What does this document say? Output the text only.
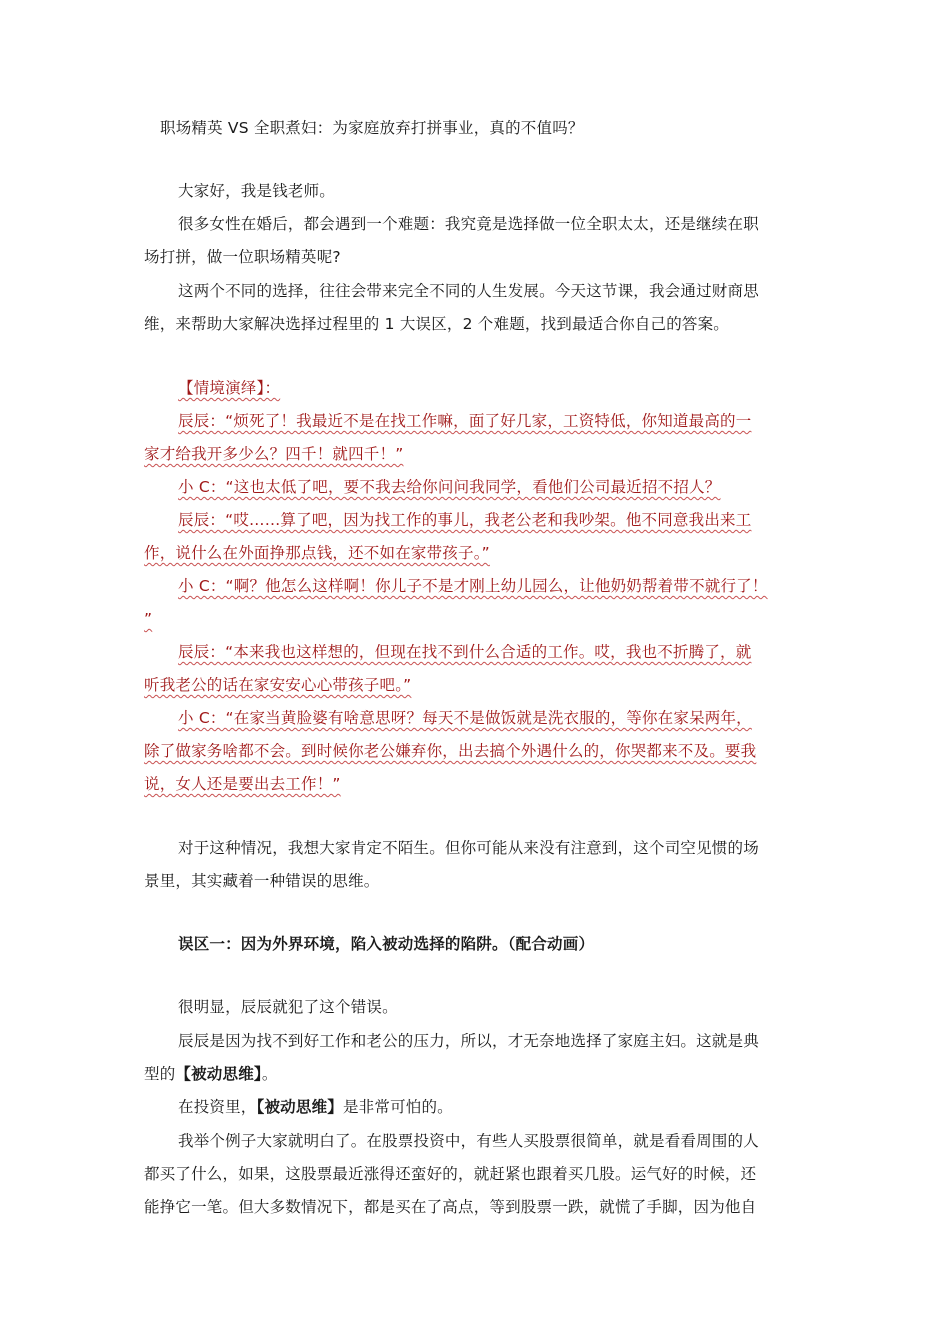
职场精英 VS 全职煮妇：为家庭放弃打拼事业，真的不值吗？
大家好，我是钱老师。
很多女性在婚后，都会遇到一个难题：我究竟是选择做一位全职太太，还是继续在职
场打拼，做一位职场精英呢?
这两个不同的选择，往往会带来完全不同的人生发展。今天这节课，我会通过财商思
维，来帮助大家解决选择过程里的 1 大误区，2 个难题，找到最适合你自己的答案。
【情境演绎】：
辰辰：“烦死了！我最近不是在找工作嘛，面了好几家，工资特低，你知道最高的一
家才给我开多少么？四千！就四千！”
小 C：“这也太低了吧，要不我去给你问问我同学，看他们公司最近招不招人？
辰辰：“哎……算了吧，因为找工作的事儿，我老公老和我吵架。他不同意我出来工
作，说什么在外面挣那点钱，还不如在家带孩子。”
小 C：“啊？他怎么这样啊！你儿子不是才刚上幼儿园么，让他奶奶帮着带不就行了！
”
辰辰：“本来我也这样想的，但现在找不到什么合适的工作。哎，我也不折腾了，就
听我老公的话在家安安心心带孩子吧。”
小 C：“在家当黄脸婆有啥意思呀？每天不是做饭就是洗衣服的，等你在家呆两年，
除了做家务啥都不会。到时候你老公嫌弃你，出去搞个外遇什么的，你哭都来不及。要我
说，女人还是要出去工作！”
对于这种情况，我想大家肯定不陌生。但你可能从来没有注意到，这个司空见惯的场
景里，其实藏着一种错误的思维。
误区一：因为外界环境，陷入被动选择的陷阱。（配合动画）
很明显，辰辰就犯了这个错误。
辰辰是因为找不到好工作和老公的压力，所以，才无奈地选择了家庭主妇。这就是典
型的【被动思维】。
在投资里，【被动思维】是非常可怕的。
我举个例子大家就明白了。在股票投资中，有些人买股票很简单，就是看看周围的人
都买了什么，如果，这股票最近涨得还蛮好的，就赶紧也跟着买几股。运气好的时候，还
能挣它一笔。但大多数情况下，都是买在了高点，等到股票一跌，就慌了手脚，因为他自
